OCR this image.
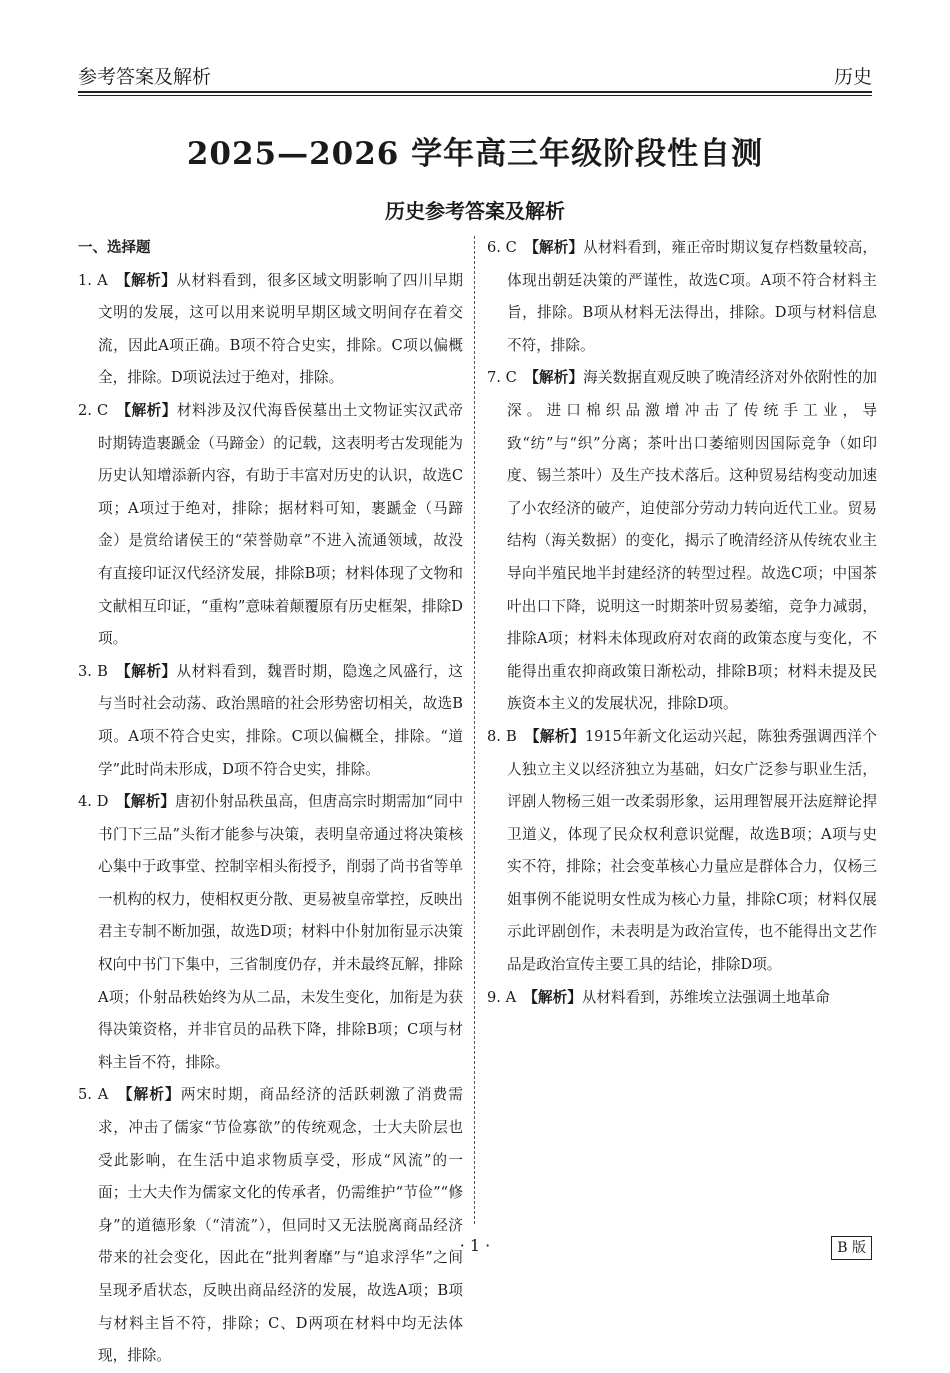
参考答案及解析	历史
2025—2026 学年高三年级阶段性自测
历史参考答案及解析
一、选择题
1. A　 【解析】从材料看到，很多区域文明影响了四川早期文明的发展，这可以用来说明早期区域文明间存在着交流，因此A项正确。B项不符合史实，排除。C项以偏概全，排除。D项说法过于绝对，排除。
2. C　 【解析】材料涉及汉代海昏侯墓出土文物证实汉武帝时期铸造裹蹏金（马蹄金）的记载，这表明考古发现能为历史认知增添新内容，有助于丰富对历史的认识，故选C项；A项过于绝对，排除；据材料可知，裹蹏金（马蹄金）是赏给诸侯王的“荣誉勋章”不进入流通领域，故没有直接印证汉代经济发展，排除B项；材料体现了文物和文献相互印证，“重构”意味着颠覆原有历史框架，排除D项。
3. B　 【解析】从材料看到，魏晋时期，隐逸之风盛行，这与当时社会动荡、政治黑暗的社会形势密切相关，故选B项。A项不符合史实，排除。C项以偏概全，排除。“道学”此时尚未形成，D项不符合史实，排除。
4. D　 【解析】唐初仆射品秩虽高，但唐高宗时期需加“同中书门下三品”头衔才能参与决策，表明皇帝通过将决策核心集中于政事堂、控制宰相头衔授予，削弱了尚书省等单一机构的权力，使相权更分散、更易被皇帝掌控，反映出君主专制不断加强，故选D项；材料中仆射加衔显示决策权向中书门下集中，三省制度仍存，并未最终瓦解，排除A项；仆射品秩始终为从二品，未发生变化，加衔是为获得决策资格，并非官员的品秩下降，排除B项；C项与材料主旨不符，排除。
5. A　 【解析】两宋时期，商品经济的活跃刺激了消费需求，冲击了儒家“节俭寡欲”的传统观念，士大夫阶层也受此影响，在生活中追求物质享受，形成“风流”的一面；士大夫作为儒家文化的传承者，仍需维护“节俭”“修身”的道德形象（“清流”），但同时又无法脱离商品经济带来的社会变化，因此在“批判奢靡”与“追求浮华”之间呈现矛盾状态，反映出商品经济的发展，故选A项；B项与材料主旨不符，排除；C、D两项在材料中均无法体现，排除。
6. C　 【解析】从材料看到，雍正帝时期议复存档数量较高，体现出朝廷决策的严谨性，故选C项。A项不符合材料主旨，排除。B项从材料无法得出，排除。D项与材料信息不符，排除。
7. C　 【解析】海关数据直观反映了晚清经济对外依附性的加深。进口棉织品激增冲击了传统手工业，导致“纺”与“织”分离；茶叶出口萎缩则因国际竞争（如印度、锡兰茶叶）及生产技术落后。这种贸易结构变动加速了小农经济的破产，迫使部分劳动力转向近代工业。贸易结构（海关数据）的变化，揭示了晚清经济从传统农业主导向半殖民地半封建经济的转型过程。故选C项；中国茶叶出口下降，说明这一时期茶叶贸易萎缩，竞争力减弱，排除A项；材料未体现政府对农商的政策态度与变化，不能得出重农抑商政策日渐松动，排除B项；材料未提及民族资本主义的发展状况，排除D项。
8. B　 【解析】1915年新文化运动兴起，陈独秀强调西洋个人独立主义以经济独立为基础，妇女广泛参与职业生活，评剧人物杨三姐一改柔弱形象，运用理智展开法庭辩论捍卫道义，体现了民众权利意识觉醒，故选B项；A项与史实不符，排除；社会变革核心力量应是群体合力，仅杨三姐事例不能说明女性成为核心力量，排除C项；材料仅展示此评剧创作，未表明是为政治宣传，也不能得出文艺作品是政治宣传主要工具的结论，排除D项。
9. A　 【解析】从材料看到，苏维埃立法强调土地革命
· 1 ·	B 版
